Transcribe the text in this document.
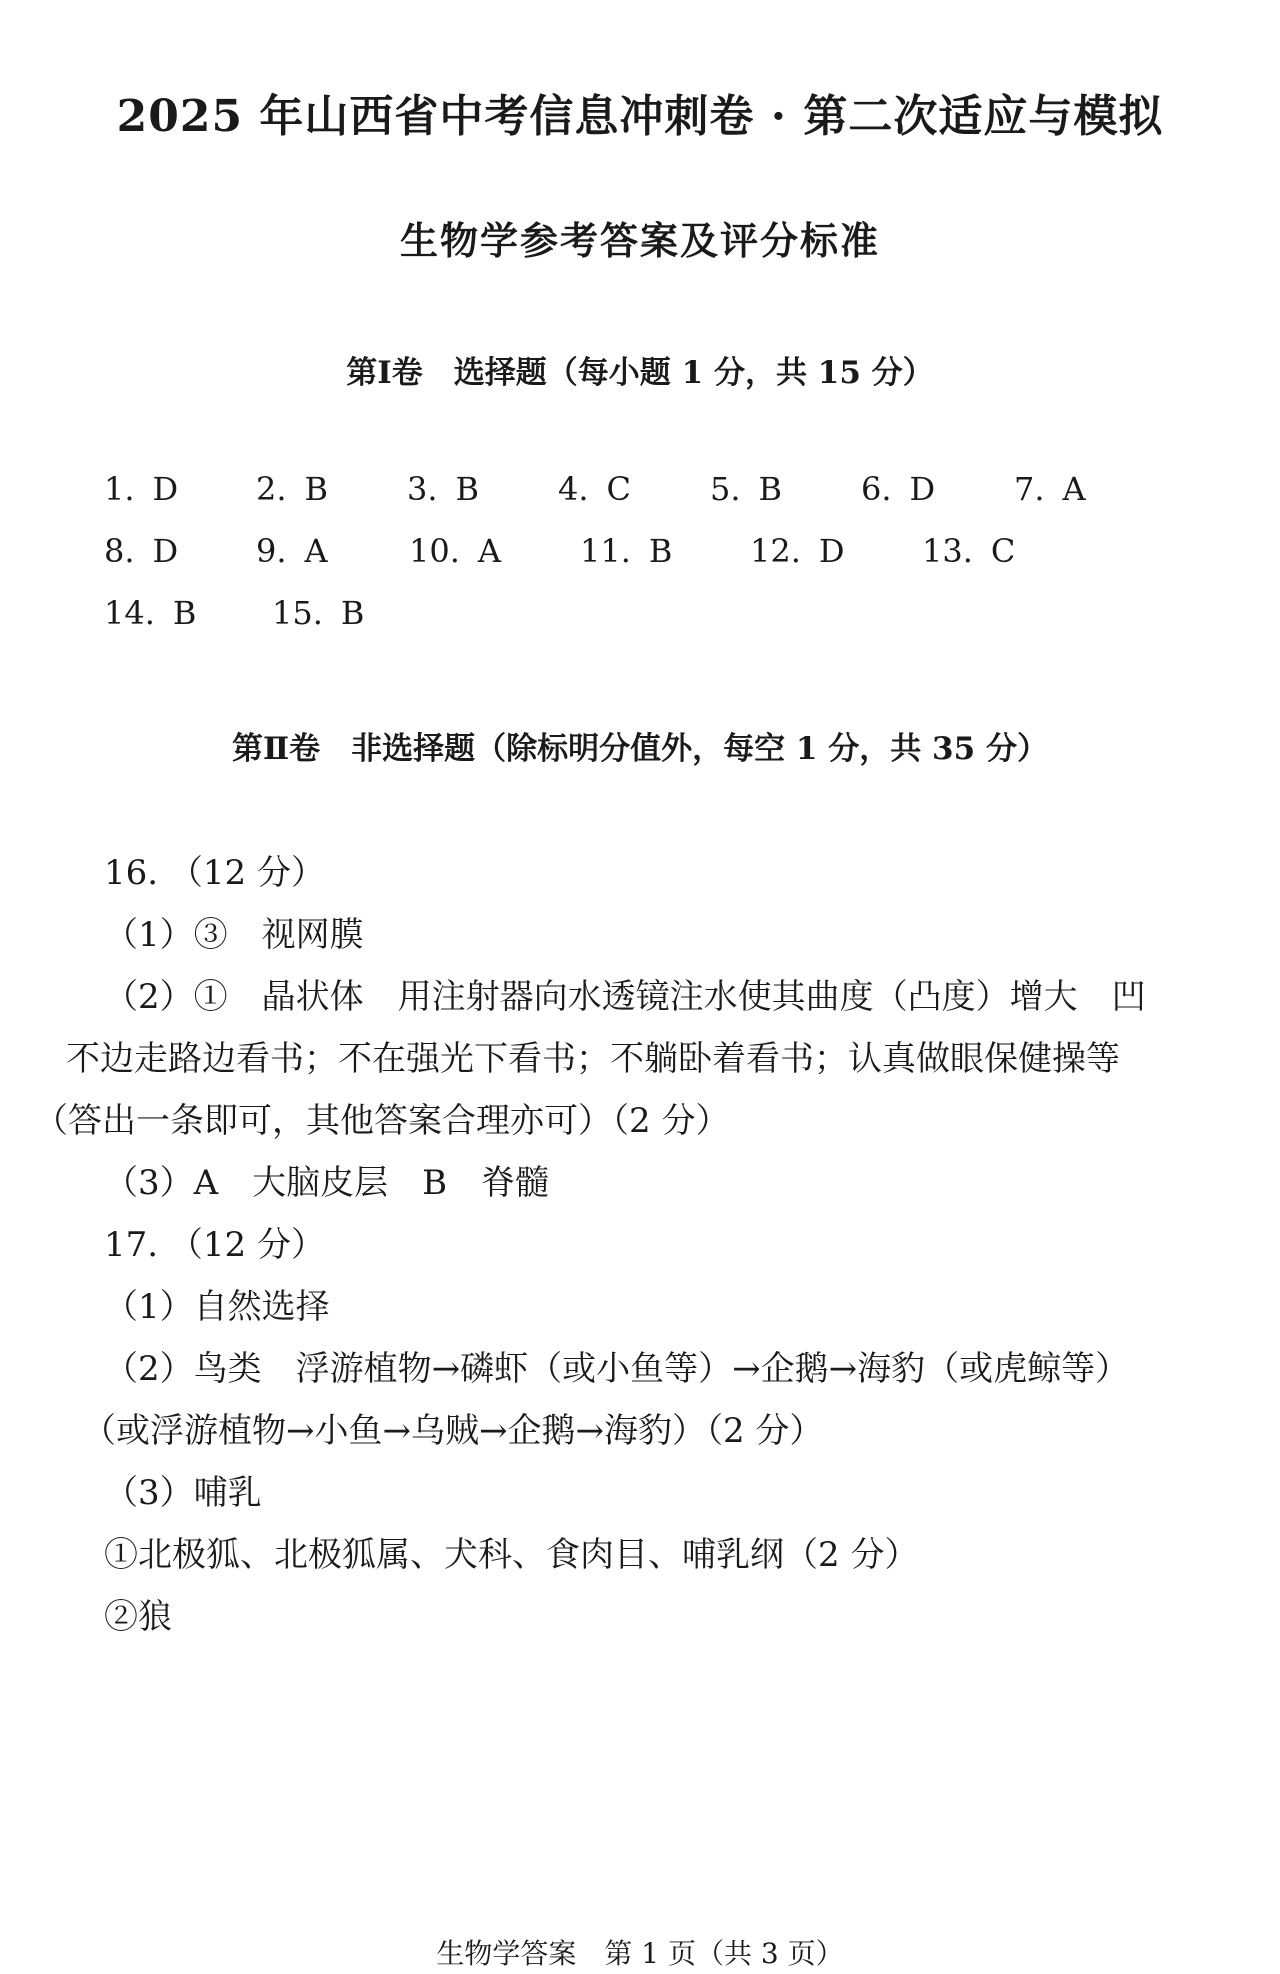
2025 年山西省中考信息冲刺卷 · 第二次适应与模拟
生物学参考答案及评分标准
第Ⅰ卷　选择题（每小题 1 分，共 15 分）
1. D 2. B 3. B 4. C 5. B 6. D 7. A
8. D 9. A	10. A 11. B 12. D 13. C
14. B 15. B
第Ⅱ卷　非选择题（除标明分值外，每空 1 分，共 35 分）
16. （12 分）
（1）③　视网膜
（2）①　晶状体　用注射器向水透镜注水使其曲度（凸度）增大　凹
不边走路边看书；不在强光下看书；不躺卧着看书；认真做眼保健操等
（答出一条即可，其他答案合理亦可）（2 分）
（3）A　大脑皮层　B　脊髓
17. （12 分）
（1）自然选择
（2）鸟类　浮游植物→磷虾（或小鱼等）→企鹅→海豹（或虎鲸等）
（或浮游植物→小鱼→乌贼→企鹅→海豹）（2 分）
（3）哺乳
①北极狐、北极狐属、犬科、食肉目、哺乳纲（2 分）
②狼
生物学答案　第 1 页（共 3 页）
